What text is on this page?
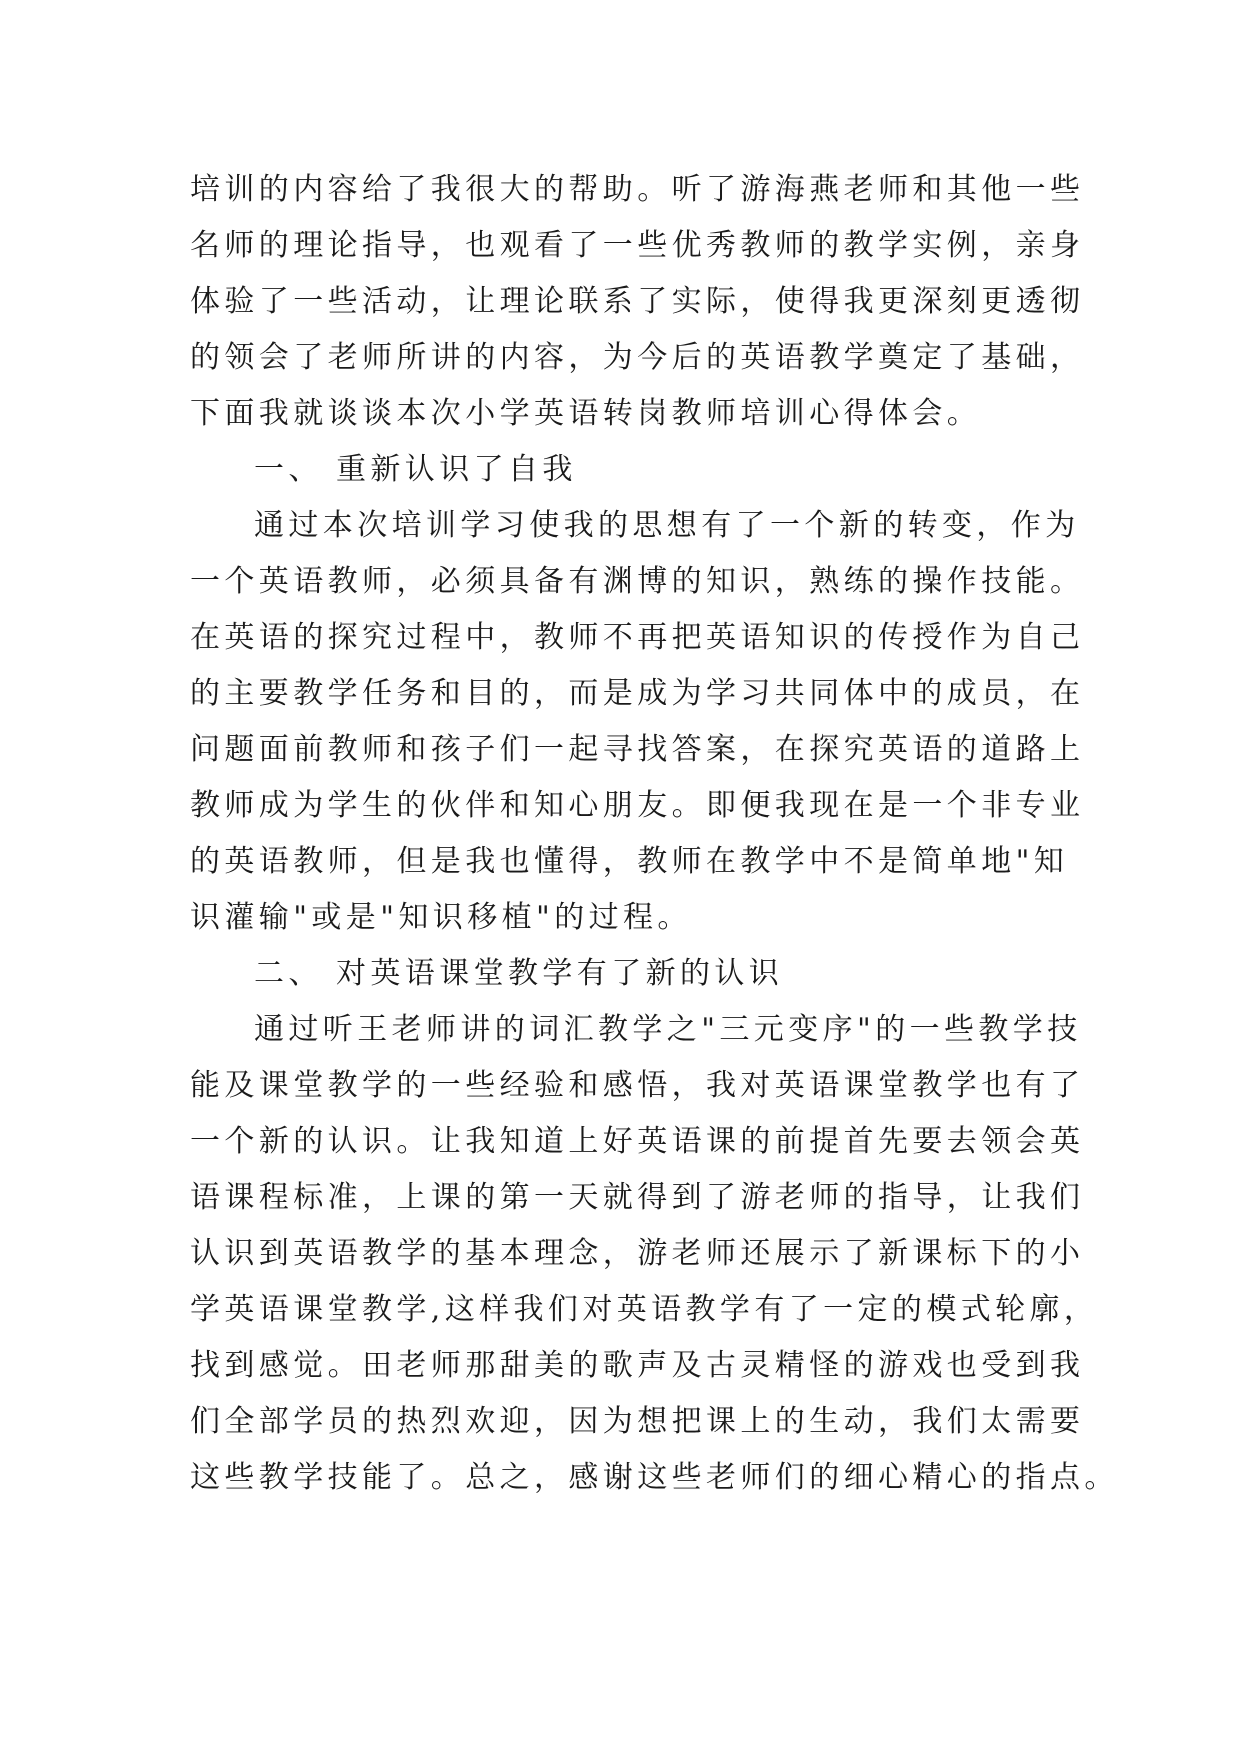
培训的内容给了我很大的帮助。听了游海燕老师和其他一些
名师的理论指导，也观看了一些优秀教师的教学实例，亲身
体验了一些活动，让理论联系了实际，使得我更深刻更透彻
的领会了老师所讲的内容，为今后的英语教学奠定了基础，
下面我就谈谈本次小学英语转岗教师培训心得体会。
一、 重新认识了自我
通过本次培训学习使我的思想有了一个新的转变，作为
一个英语教师，必须具备有渊博的知识，熟练的操作技能。
在英语的探究过程中，教师不再把英语知识的传授作为自己
的主要教学任务和目的，而是成为学习共同体中的成员，在
问题面前教师和孩子们一起寻找答案，在探究英语的道路上
教师成为学生的伙伴和知心朋友。即便我现在是一个非专业
的英语教师，但是我也懂得，教师在教学中不是简单地"知
识灌输"或是"知识移植"的过程。
二、 对英语课堂教学有了新的认识
通过听王老师讲的词汇教学之"三元变序"的一些教学技
能及课堂教学的一些经验和感悟，我对英语课堂教学也有了
一个新的认识。让我知道上好英语课的前提首先要去领会英
语课程标准，上课的第一天就得到了游老师的指导，让我们
认识到英语教学的基本理念，游老师还展示了新课标下的小
学英语课堂教学,这样我们对英语教学有了一定的模式轮廓，
找到感觉。田老师那甜美的歌声及古灵精怪的游戏也受到我
们全部学员的热烈欢迎，因为想把课上的生动，我们太需要
这些教学技能了。总之，感谢这些老师们的细心精心的指点。
